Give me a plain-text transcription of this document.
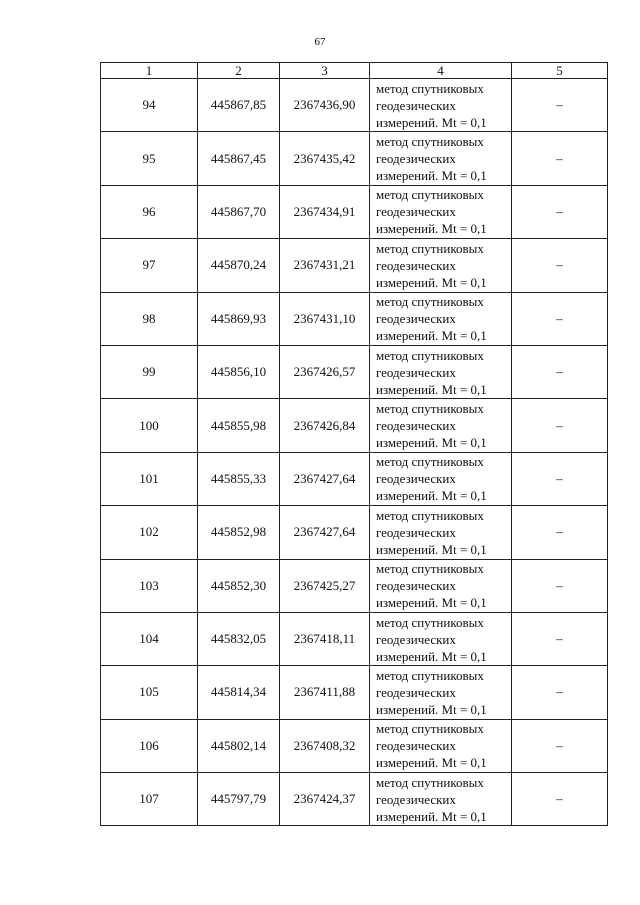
67
1	2	3	4	5
94	445867,85	2367436,90	метод спутниковых
геодезических
измерений. Mt = 0,1	–
95	445867,45	2367435,42	метод спутниковых
геодезических
измерений. Mt = 0,1	–
96	445867,70	2367434,91	метод спутниковых
геодезических
измерений. Mt = 0,1	–
97	445870,24	2367431,21	метод спутниковых
геодезических
измерений. Mt = 0,1	–
98	445869,93	2367431,10	метод спутниковых
геодезических
измерений. Mt = 0,1	–
99	445856,10	2367426,57	метод спутниковых
геодезических
измерений. Mt = 0,1	–
100	445855,98	2367426,84	метод спутниковых
геодезических
измерений. Mt = 0,1	–
101	445855,33	2367427,64	метод спутниковых
геодезических
измерений. Mt = 0,1	–
102	445852,98	2367427,64	метод спутниковых
геодезических
измерений. Mt = 0,1	–
103	445852,30	2367425,27	метод спутниковых
геодезических
измерений. Mt = 0,1	–
104	445832,05	2367418,11	метод спутниковых
геодезических
измерений. Mt = 0,1	–
105	445814,34	2367411,88	метод спутниковых
геодезических
измерений. Mt = 0,1	–
106	445802,14	2367408,32	метод спутниковых
геодезических
измерений. Mt = 0,1	–
107	445797,79	2367424,37	метод спутниковых
геодезических
измерений. Mt = 0,1	–
